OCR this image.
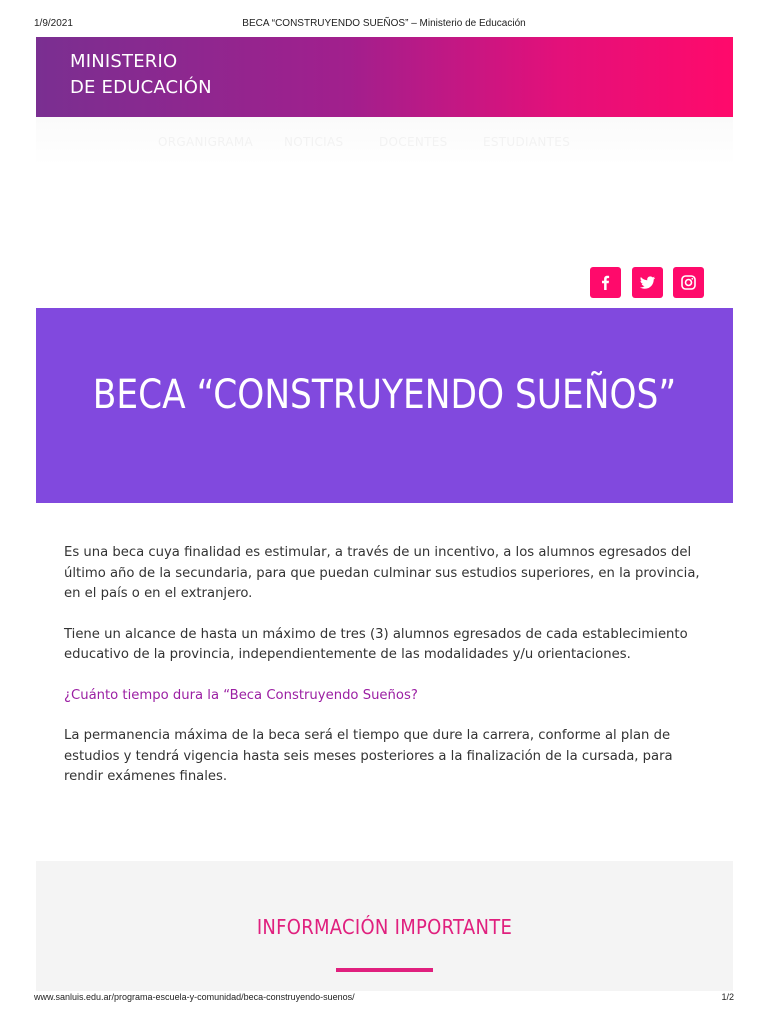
1/9/2021	BECA “CONSTRUYENDO SUEÑOS” – Ministerio de Educación
MINISTERIO
DE EDUCACIÓN
ORGANIGRAMA	NOTICIAS	DOCENTES	ESTUDIANTES
BECA “CONSTRUYENDO SUEÑOS”

Es una beca cuya finalidad es estimular, a través de un incentivo, a los alumnos egresados del último año de la secundaria, para que puedan culminar sus estudios superiores, en la provincia, en el país o en el extranjero.

Tiene un alcance de hasta un máximo de tres (3) alumnos egresados de cada establecimiento educativo de la provincia, independientemente de las modalidades y/u orientaciones.

¿Cuánto tiempo dura la “Beca Construyendo Sueños?

La permanencia máxima de la beca será el tiempo que dure la carrera, conforme al plan de estudios y tendrá vigencia hasta seis meses posteriores a la finalización de la cursada, para rendir exámenes finales.

INFORMACIÓN IMPORTANTE
www.sanluis.edu.ar/programa-escuela-y-comunidad/beca-construyendo-suenos/	1/2
